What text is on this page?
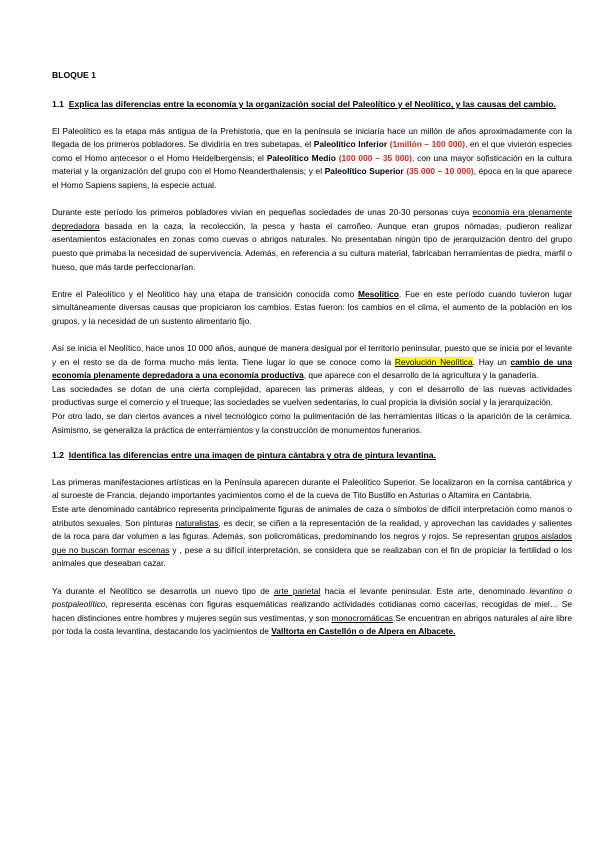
BLOQUE 1

1.1 Explica las diferencias entre la economía y la organización social del Paleolítico y el Neolítico, y las causas del cambio.

El Paleolítico es la etapa más antigua de la Prehistoria, que en la península se iniciaría hace un millón de años aproximadamente con la llegada de los primeros pobladores. Se dividiría en tres subetapas, el Paleolítico Inferior (1millón – 100 000), en el que vivieron especies como el Homo antecesor o el Homo Heidelbergensis; el Paleolítico Medio (100 000 – 35 000), con una mayor sofisticación en la cultura material y la organización del grupo con el Homo Neanderthalensis; y el Paleolítico Superior (35 000 – 10 000), época en la que aparece el Homo Sapiens sapiens, la especie actual.

Durante este período los primeros pobladores vivían en pequeñas sociedades de unas 20-30 personas cuya economía era plenamente depredadora basada en la caza, la recolección, la pesca y hasta el carroñeo. Aunque eran grupos nómadas, pudieron realizar asentamientos estacionales en zonas como cuevas o abrigos naturales. No presentaban ningún tipo de jerarquización dentro del grupo puesto que primaba la necesidad de supervivencia. Además, en referencia a su cultura material, fabricaban herramientas de piedra, marfil o hueso, que más tarde perfeccionarían.

Entre el Paleolítico y el Neolítico hay una etapa de transición conocida como Mesolítico. Fue en este período cuando tuvieron lugar simultáneamente diversas causas que propiciaron los cambios. Estas fueron: los cambios en el clima, el aumento de la población en los grupos, y la necesidad de un sustento alimentario fijo.

Así se inicia el Neolítico, hace unos 10 000 años, aunque de manera desigual por el territorio peninsular, puesto que se inicia por el levante y en el resto se da de forma mucho más lenta. Tiene lugar lo que se conoce como la Revolución Neolítica. Hay un cambio de una economía plenamente depredadora a una economía productiva, que aparece con el desarrollo de la agricultura y la ganadería.

Las sociedades se dotan de una cierta complejidad, aparecen las primeras aldeas, y con el desarrollo de las nuevas actividades productivas surge el comercio y el trueque; las sociedades se vuelven sedentarias, lo cual propicia la división social y la jerarquización.

Por otro lado, se dan ciertos avances a nivel tecnológico como la pulimentación de las herramientas líticas o la aparición de la cerámica. Asimismo, se generaliza la práctica de enterramientos y la construcción de monumentos funerarios.

1.2 Identifica las diferencias entre una imagen de pintura cántabra y otra de pintura levantina.

Las primeras manifestaciones artísticas en la Península aparecen durante el Paleolítico Superior. Se localizaron en la cornisa cantábrica y al suroeste de Francia, dejando importantes yacimientos como el de la cueva de Tito Bustillo en Asturias o Altamira en Cantabria.

Este arte denominado cantábrico representa principalmente figuras de animales de caza o símbolos de difícil interpretación como manos o atributos sexuales. Son pinturas naturalistas, es decir, se ciñen a la representación de la realidad, y aprovechan las cavidades y salientes de la roca para dar volumen a las figuras. Además, son policromáticas, predominando los negros y rojos. Se representan grupos aislados que no buscan formar escenas y , pese a su difícil interpretación, se considera que se realizaban con el fin de propiciar la fertilidad o los animales que deseaban cazar.

Ya durante el Neolítico se desarrolla un nuevo tipo de arte parietal hacia el levante peninsular. Este arte, denominado levantino o postpaleolítico, representa escenas con figuras esquemáticas realizando actividades cotidianas como cacerías, recogidas de miel… Se hacen distinciones entre hombres y mujeres según sus vestimentas, y son monocromáticas.Se encuentran en abrigos naturales al aire libre por toda la costa levantina, destacando los yacimientos de Valltorta en Castellón o de Alpera en Albacete.
